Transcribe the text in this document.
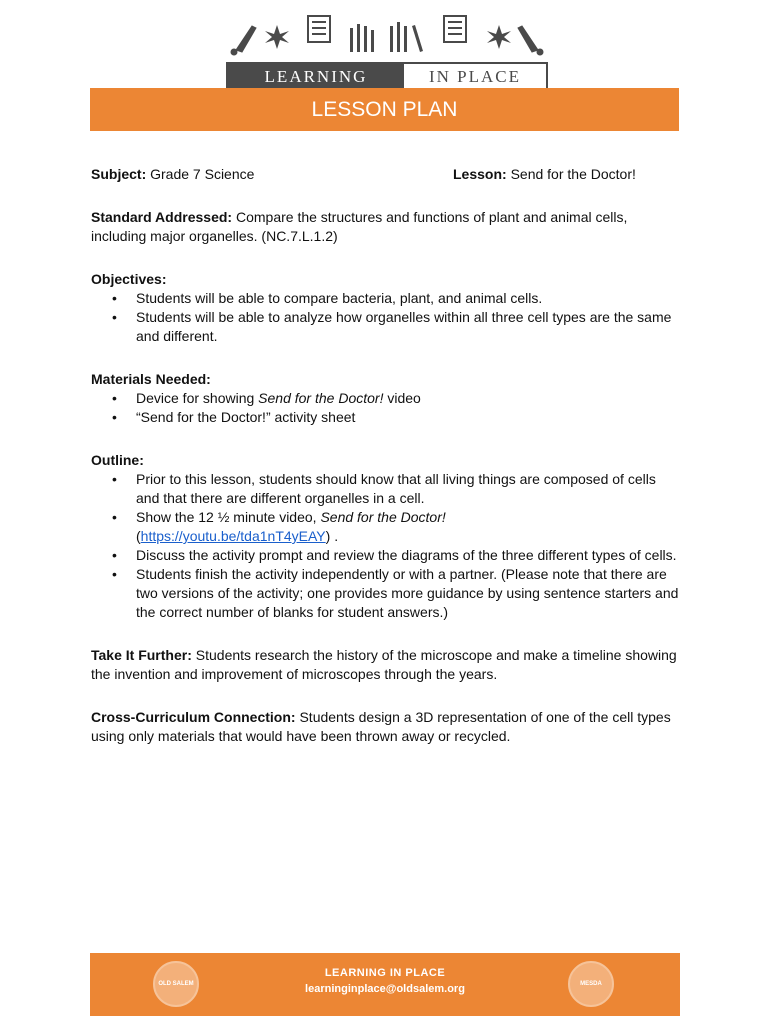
LEARNING	IN PLACE
LESSON PLAN
Subject: Grade 7 Science	Lesson: Send for the Doctor!
Standard Addressed: Compare the structures and functions of plant and animal cells, including major organelles. (NC.7.L.1.2)
Objectives:
• Students will be able to compare bacteria, plant, and animal cells.
• Students will be able to analyze how organelles within all three cell types are the same and different.
Materials Needed:
• Device for showing Send for the Doctor! video
• “Send for the Doctor!” activity sheet
Outline:
• Prior to this lesson, students should know that all living things are composed of cells and that there are different organelles in a cell.
• Show the 12 ½ minute video, Send for the Doctor!
(https://youtu.be/tda1nT4yEAY) .
• Discuss the activity prompt and review the diagrams of the three different types of cells.
• Students finish the activity independently or with a partner. (Please note that there are two versions of the activity; one provides more guidance by using sentence starters and the correct number of blanks for student answers.)
Take It Further: Students research the history of the microscope and make a timeline showing the invention and improvement of microscopes through the years.
Cross-Curriculum Connection: Students design a 3D representation of one of the cell types using only materials that would have been thrown away or recycled.
OLD SALEM
LEARNING IN PLACE
learninginplace@oldsalem.org	MESDA
